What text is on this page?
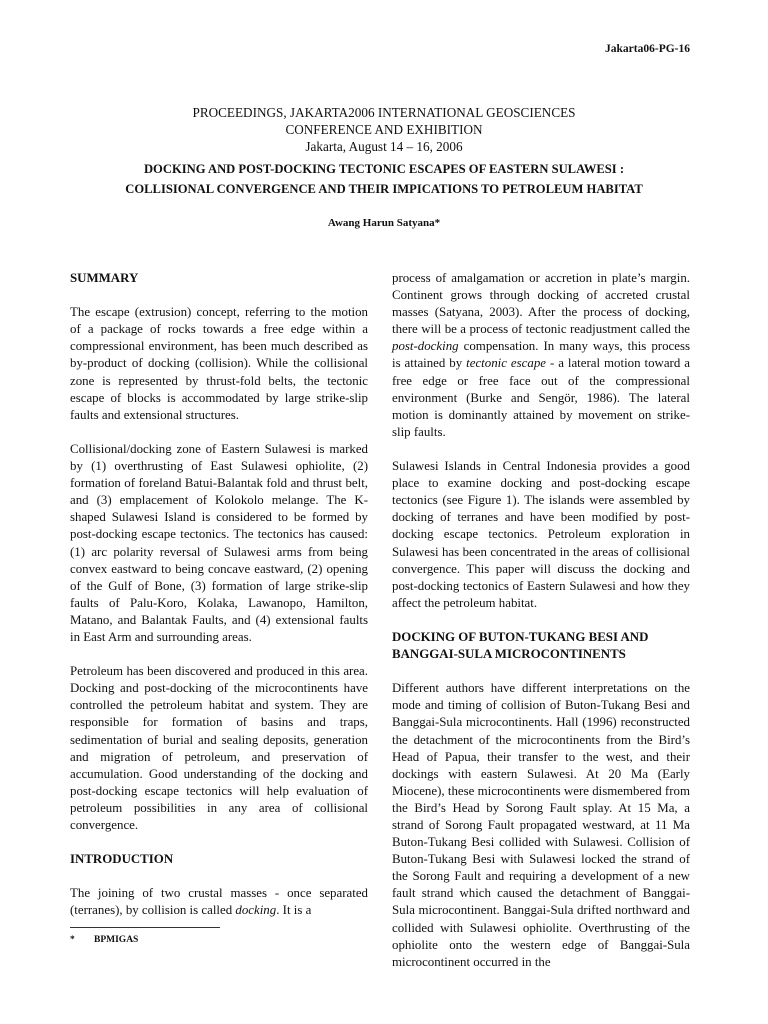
Jakarta06-PG-16
PROCEEDINGS, JAKARTA2006 INTERNATIONAL GEOSCIENCES
CONFERENCE AND EXHIBITION
Jakarta, August 14 – 16, 2006
DOCKING AND POST-DOCKING TECTONIC ESCAPES OF EASTERN SULAWESI :
COLLISIONAL CONVERGENCE AND THEIR IMPICATIONS TO PETROLEUM HABITAT
Awang Harun Satyana*
SUMMARY

The escape (extrusion) concept, referring to the motion of a package of rocks towards a free edge within a compressional environment, has been much described as by-product of docking (collision). While the collisional zone is represented by thrust-fold belts, the tectonic escape of blocks is accommodated by large strike-slip faults and extensional structures.

Collisional/docking zone of Eastern Sulawesi is marked by (1) overthrusting of East Sulawesi ophiolite, (2) formation of foreland Batui-Balantak fold and thrust belt, and (3) emplacement of Kolokolo melange. The K-shaped Sulawesi Island is considered to be formed by post-docking escape tectonics. The tectonics has caused: (1) arc polarity reversal of Sulawesi arms from being convex eastward to being concave eastward, (2) opening of the Gulf of Bone, (3) formation of large strike-slip faults of Palu-Koro, Kolaka, Lawanopo, Hamilton, Matano, and Balantak Faults, and (4) extensional faults in East Arm and surrounding areas.

Petroleum has been discovered and produced in this area. Docking and post-docking of the microcontinents have controlled the petroleum habitat and system. They are responsible for formation of basins and traps, sedimentation of burial and sealing deposits, generation and migration of petroleum, and preservation of accumulation. Good understanding of the docking and post-docking escape tectonics will help evaluation of petroleum possibilities in any area of collisional convergence.

INTRODUCTION

The joining of two crustal masses - once separated (terranes), by collision is called docking. It is a

process of amalgamation or accretion in plate’s margin. Continent grows through docking of accreted crustal masses (Satyana, 2003). After the process of docking, there will be a process of tectonic readjustment called the post-docking compensation. In many ways, this process is attained by tectonic escape - a lateral motion toward a free edge or free face out of the compressional environment (Burke and Sengör, 1986). The lateral motion is dominantly attained by movement on strike-slip faults.

Sulawesi Islands in Central Indonesia provides a good place to examine docking and post-docking escape tectonics (see Figure 1). The islands were assembled by docking of terranes and have been modified by post-docking escape tectonics. Petroleum exploration in Sulawesi has been concentrated in the areas of collisional convergence. This paper will discuss the docking and post-docking tectonics of Eastern Sulawesi and how they affect the petroleum habitat.

DOCKING OF BUTON-TUKANG BESI AND BANGGAI-SULA MICROCONTINENTS

Different authors have different interpretations on the mode and timing of collision of Buton-Tukang Besi and Banggai-Sula microcontinents. Hall (1996) reconstructed the detachment of the microcontinents from the Bird’s Head of Papua, their transfer to the west, and their dockings with eastern Sulawesi. At 20 Ma (Early Miocene), these microcontinents were dismembered from the Bird’s Head by Sorong Fault splay. At 15 Ma, a strand of Sorong Fault propagated westward, at 11 Ma Buton-Tukang Besi collided with Sulawesi. Collision of Buton-Tukang Besi with Sulawesi locked the strand of the Sorong Fault and requiring a development of a new fault strand which caused the detachment of Banggai-Sula microcontinent. Banggai-Sula drifted northward and collided with Sulawesi ophiolite. Overthrusting of the ophiolite onto the western edge of Banggai-Sula microcontinent occurred in the

* BPMIGAS
